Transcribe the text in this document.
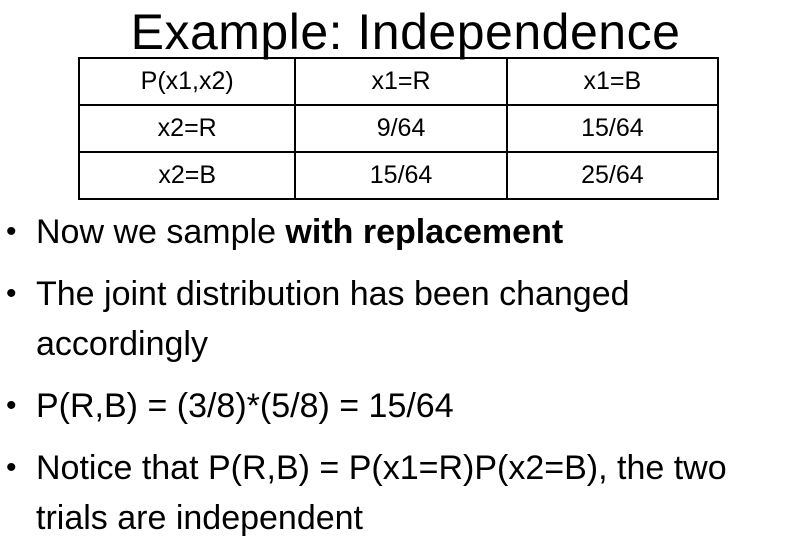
Example: Independence
P(x1,x2)	x1=R	x1=B
x2=R	9/64	15/64
x2=B	15/64	25/64
• Now we sample with replacement
• The joint distribution has been changed
accordingly
• P(R,B) = (3/8)*(5/8) = 15/64
• Notice that P(R,B) = P(x1=R)P(x2=B), the two
trials are independent
